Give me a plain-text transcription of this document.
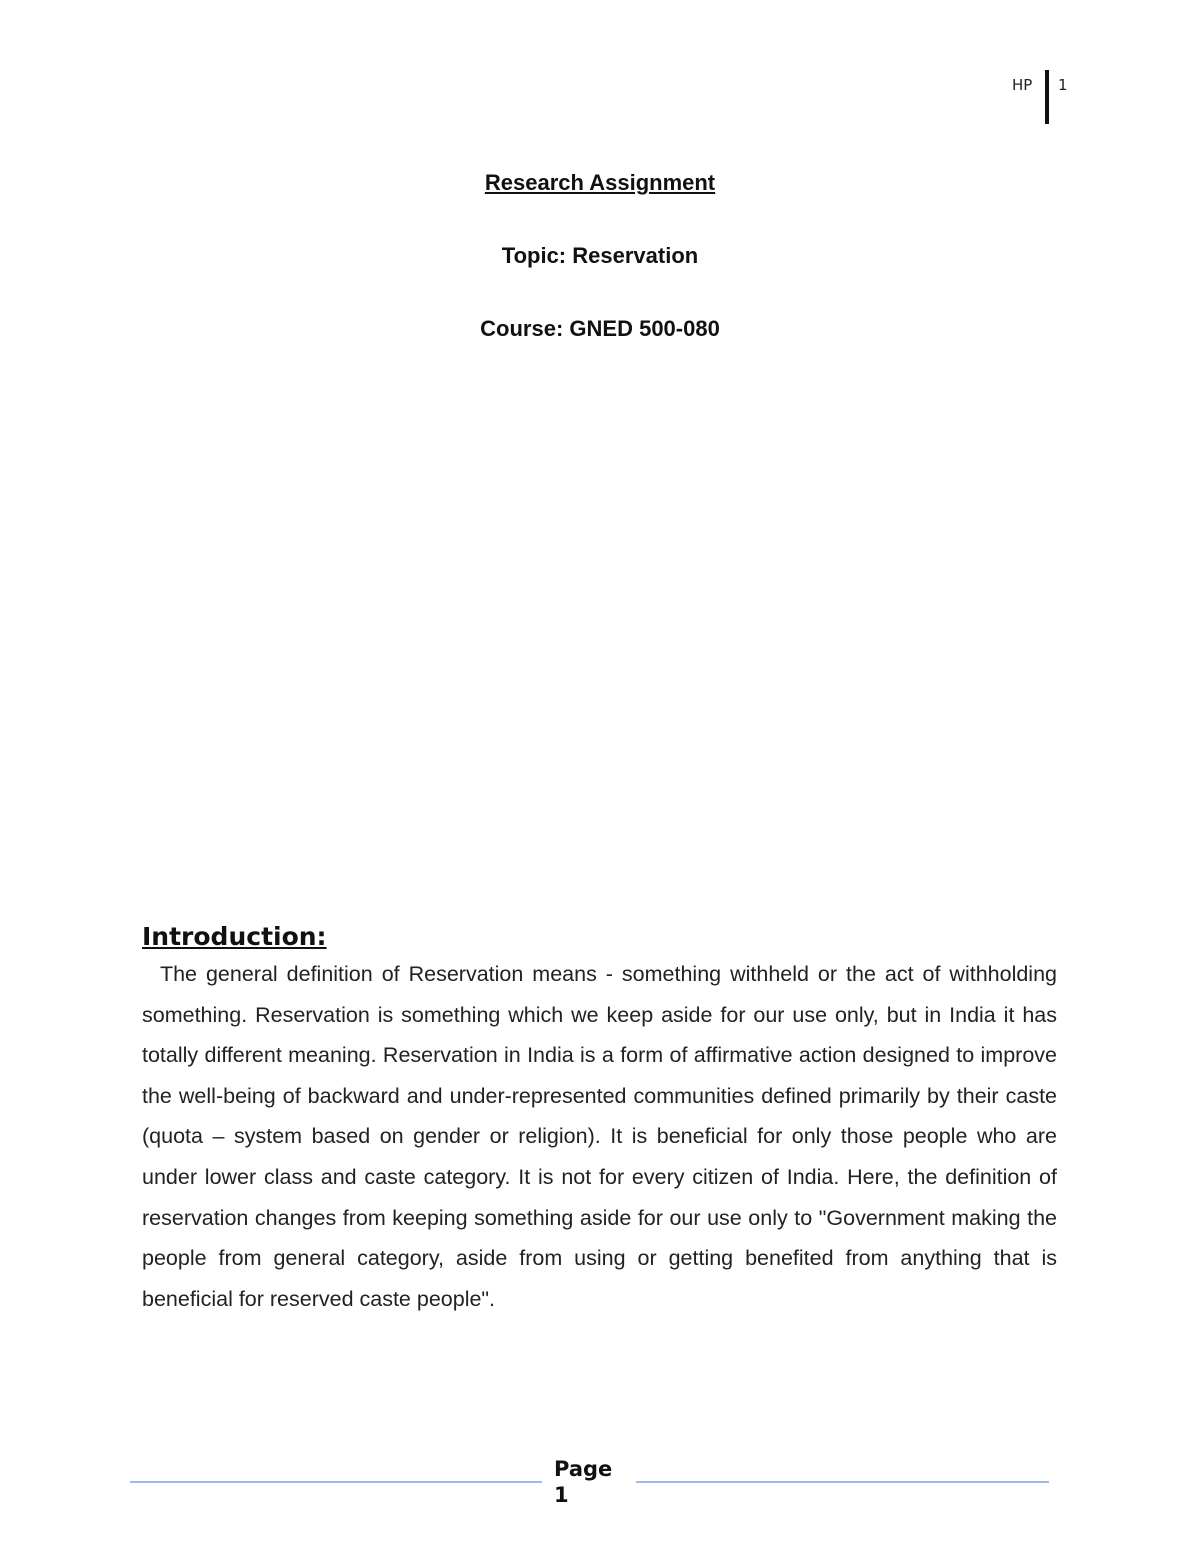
HP 1
Research Assignment
Topic: Reservation
Course: GNED 500-080

Introduction:

The general definition of Reservation means - something withheld or the act of withholding something. Reservation is something which we keep aside for our use only, but in India it has totally different meaning. Reservation in India is a form of affirmative action designed to improve the well-being of backward and under-represented communities defined primarily by their caste (quota – system based on gender or religion). It is beneficial for only those people who are under lower class and caste category. It is not for every citizen of India. Here, the definition of reservation changes from keeping something aside for our use only to "Government making the people from general category, aside from using or getting benefited from anything that is beneficial for reserved caste people".

Page
1
